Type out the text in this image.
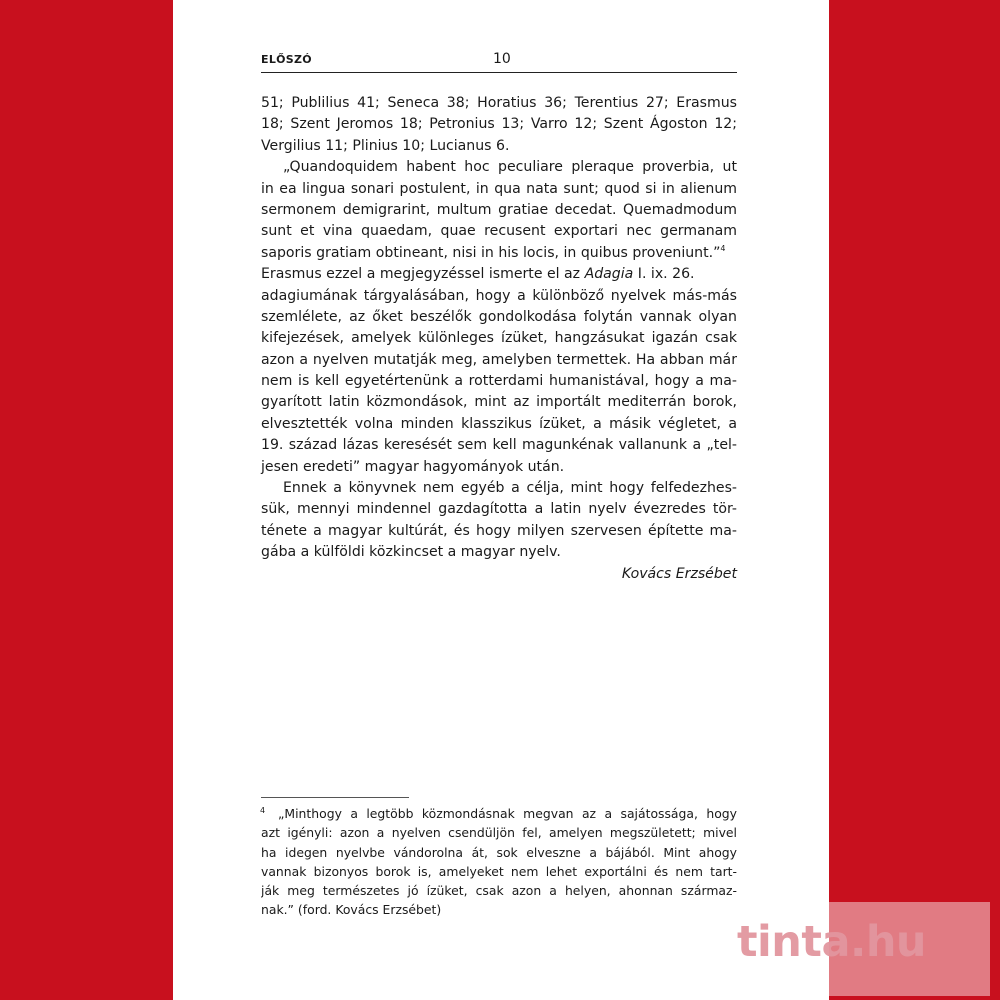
ELŐSZÓ	10
51; Publilius 41; Seneca 38; Horatius 36; Terentius 27; Erasmus
18; Szent Jeromos 18; Petronius 13; Varro 12; Szent Ágoston 12;
Vergilius 11; Plinius 10; Lucianus 6.
„Quandoquidem habent hoc peculiare pleraque proverbia, ut
in ea lingua sonari postulent, in qua nata sunt; quod si in alienum
sermonem demigrarint, multum gratiae decedat. Quemadmodum
sunt et vina quaedam, quae recusent exportari nec germanam
saporis gratiam obtineant, nisi in his locis, in quibus proveniunt.”$^4$
Erasmus ezzel a megjegyzéssel ismerte el az Adagia I. ix. 26.
adagiumának tárgyalásában, hogy a különböző nyelvek más-más
szemlélete, az őket beszélők gondolkodása folytán vannak olyan
kifejezések, amelyek különleges ízüket, hangzásukat igazán csak
azon a nyelven mutatják meg, amelyben termettek. Ha abban már
nem is kell egyetértenünk a rotterdami humanistával, hogy a ma-
gyarított latin közmondások, mint az importált mediterrán borok,
elvesztették volna minden klasszikus ízüket, a másik végletet, a
19. század lázas keresését sem kell magunkénak vallanunk a „tel-
jesen eredeti” magyar hagyományok után.
Ennek a könyvnek nem egyéb a célja, mint hogy felfedezhes-
sük, mennyi mindennel gazdagította a latin nyelv évezredes tör-
ténete a magyar kultúrát, és hogy milyen szervesen építette ma-
gába a külföldi közkincset a magyar nyelv.
Kovács Erzsébet
4 „Minthogy a legtöbb közmondásnak megvan az a sajátossága, hogy
azt igényli: azon a nyelven csendüljön fel, amelyen megszületett; mivel
ha idegen nyelvbe vándorolna át, sok elveszne a bájából. Mint ahogy
vannak bizonyos borok is, amelyeket nem lehet exportálni és nem tart-
ják meg természetes jó ízüket, csak azon a helyen, ahonnan származ-
nak.” (ford. Kovács Erzsébet)
tinta.hu
